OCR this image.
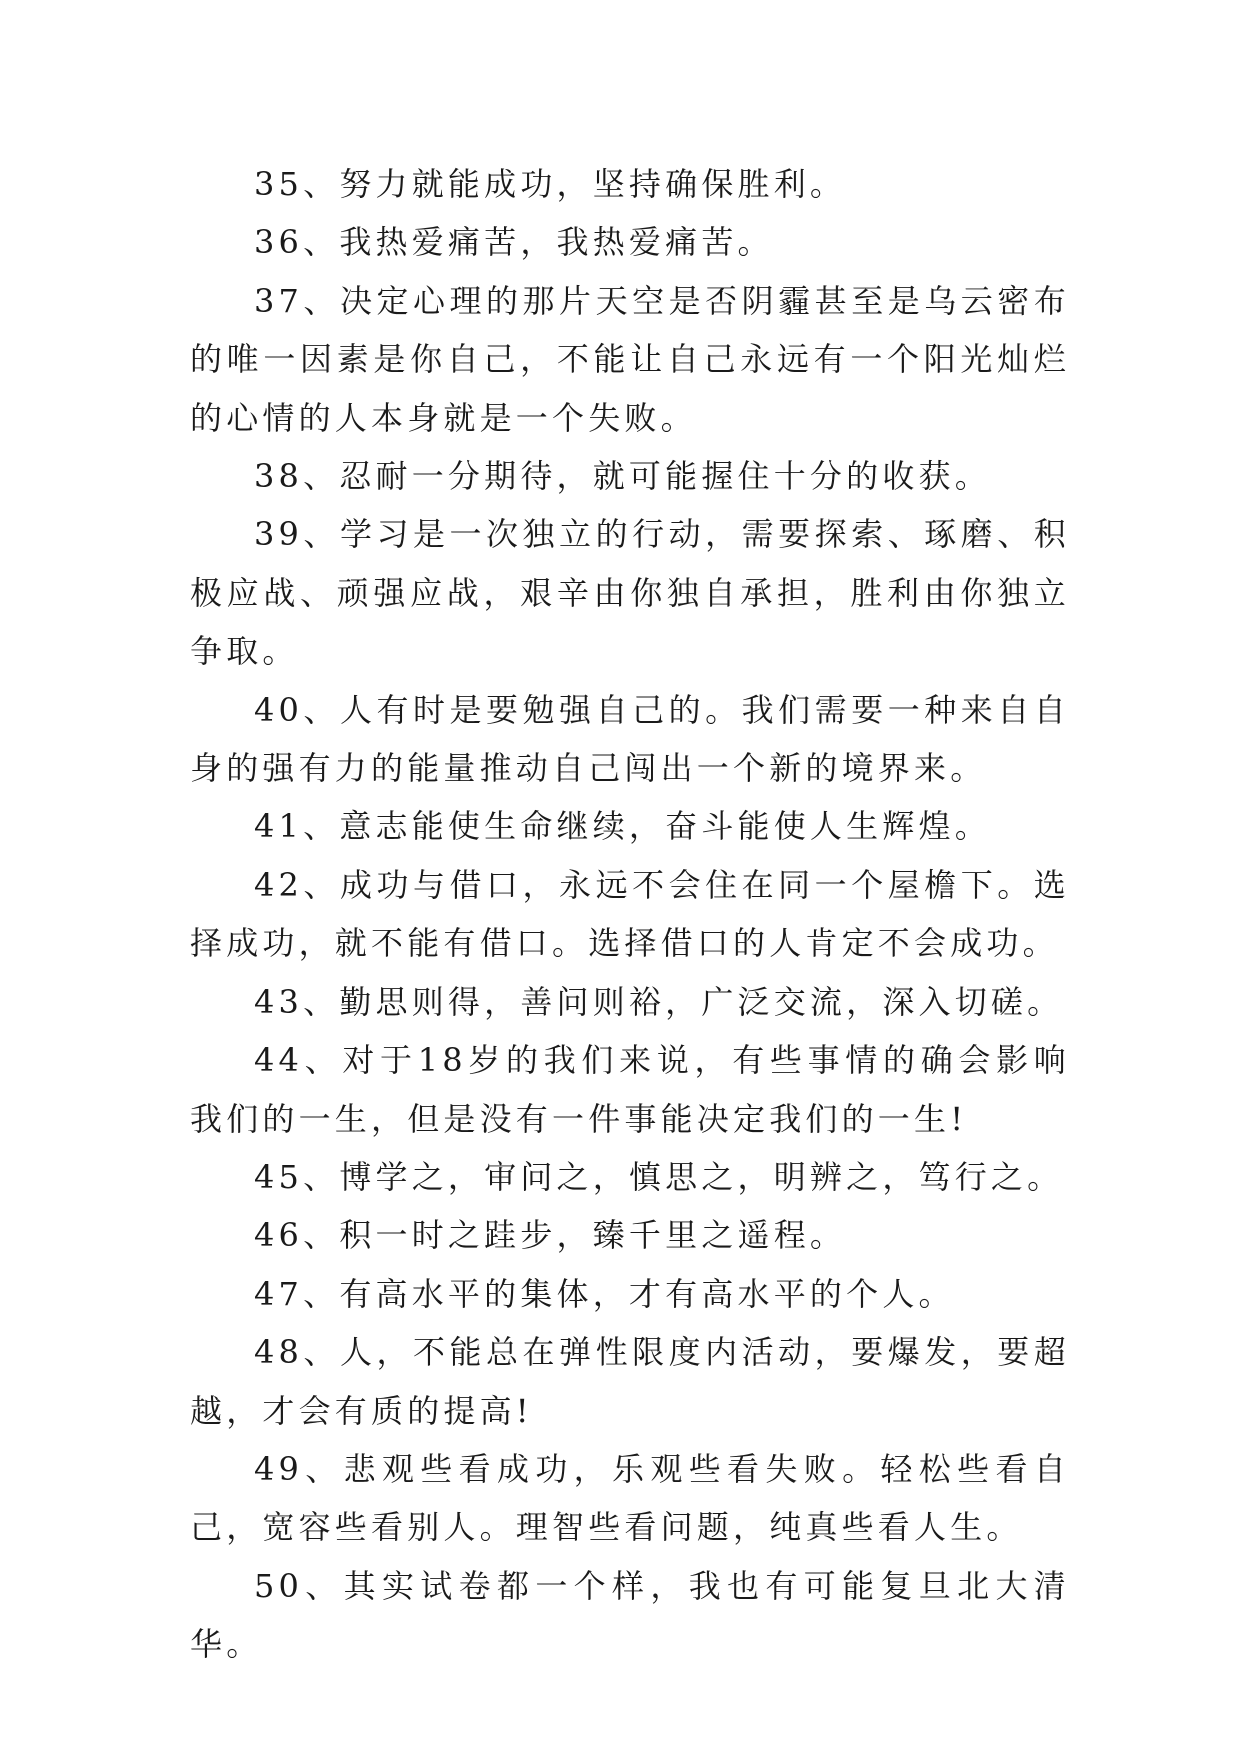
35、努力就能成功，坚持确保胜利。

36、我热爱痛苦，我热爱痛苦。

37、决定心理的那片天空是否阴霾甚至是乌云密布的唯一因素是你自己，不能让自己永远有一个阳光灿烂的心情的人本身就是一个失败。

38、忍耐一分期待，就可能握住十分的收获。

39、学习是一次独立的行动，需要探索、琢磨、积极应战、顽强应战，艰辛由你独自承担，胜利由你独立争取。

40、人有时是要勉强自己的。我们需要一种来自自身的强有力的能量推动自己闯出一个新的境界来。

41、意志能使生命继续，奋斗能使人生辉煌。

42、成功与借口，永远不会住在同一个屋檐下。选择成功，就不能有借口。选择借口的人肯定不会成功。

43、勤思则得，善问则裕，广泛交流，深入切磋。

44、对于18岁的我们来说，有些事情的确会影响我们的一生，但是没有一件事能决定我们的一生!

45、博学之，审问之，慎思之，明辨之，笃行之。

46、积一时之跬步，臻千里之遥程。

47、有高水平的集体，才有高水平的个人。

48、人，不能总在弹性限度内活动，要爆发，要超越，才会有质的提高!

49、悲观些看成功，乐观些看失败。轻松些看自己，宽容些看别人。理智些看问题，纯真些看人生。

50、其实试卷都一个样，我也有可能复旦北大清华。
